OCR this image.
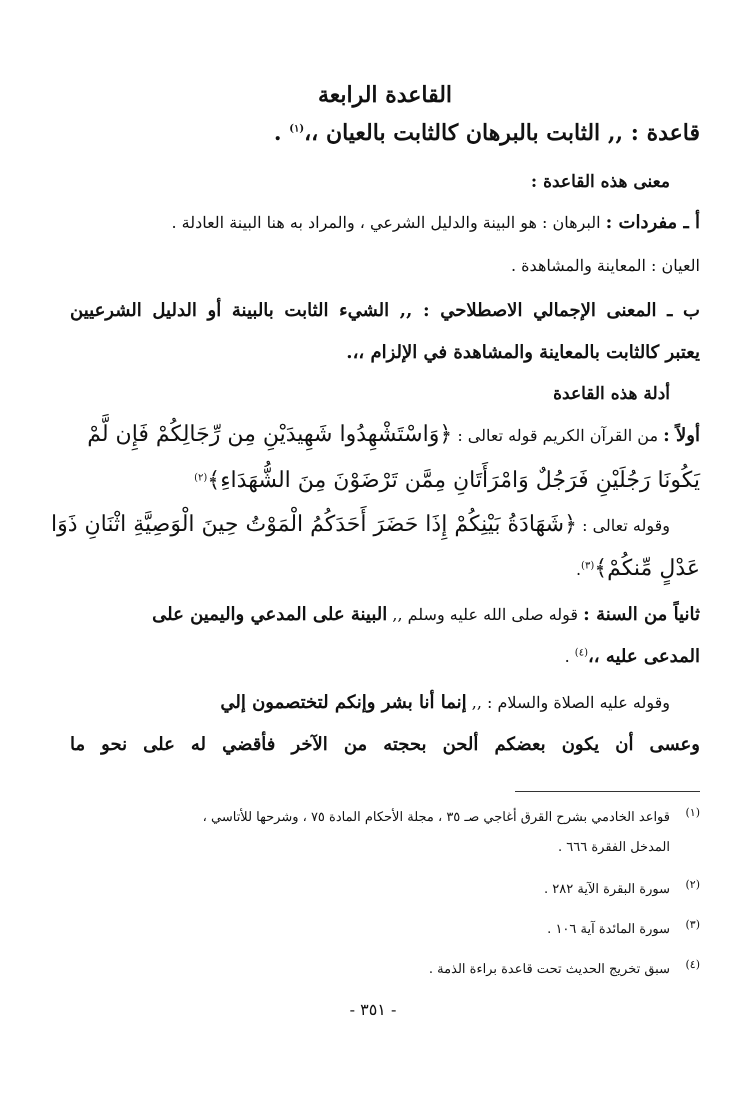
القاعدة الرابعة
قاعدة : ,, الثابت بالبرهان كالثابت بالعيان ،،$^{(١)}$ .
معنى هذه القاعدة :
أ ـ مفردات : البرهان : هو البينة والدليل الشرعي ، والمراد به هنا البينة العادلة .
العيان : المعاينة والمشاهدة .
ب ـ المعنى الإجمالي الاصطلاحي : ,, الشيء الثابت بالبينة أو الدليل الشرعيين
يعتبر كالثابت بالمعاينة والمشاهدة في الإلزام ،،.
أدلة هذه القاعدة
أولاً : من القرآن الكريم قوله تعالى : ﴿وَاسْتَشْهِدُوا شَهِيدَيْنِ مِن رِّجَالِكُمْ فَإِن لَّمْ
يَكُونَا رَجُلَيْنِ فَرَجُلٌ وَامْرَأَتَانِ مِمَّن تَرْضَوْنَ مِنَ الشُّهَدَاءِ﴾$^{(٢)}$
وقوله تعالى : ﴿شَهَادَةُ بَيْنِكُمْ إِذَا حَضَرَ أَحَدَكُمُ الْمَوْتُ حِينَ الْوَصِيَّةِ اثْنَانِ ذَوَا
عَدْلٍ مِّنكُمْ﴾$^{(٣)}$.
ثانياً من السنة : قوله صلى الله عليه وسلم ,, البينة على المدعي واليمين على
المدعى عليه ،،$^{(٤)}$ .
وقوله عليه الصلاة والسلام : ,, إنما أنا بشر وإنكم لتختصمون إلي
وعسى أن يكون بعضكم ألحن بحجته من الآخر فأقضي له على نحو ما
(١)
قواعد الخادمي بشرح القرق أغاجي صـ ٣٥ ، مجلة الأحكام المادة ٧٥ ، وشرحها للأتاسي ،
المدخل الفقرة ٦٦٦ .
(٢)
سورة البقرة الآية ٢٨٢ .
(٣)
سورة المائدة آية ١٠٦ .
(٤)
سبق تخريج الحديث تحت قاعدة براءة الذمة .
- ٣٥١ -
